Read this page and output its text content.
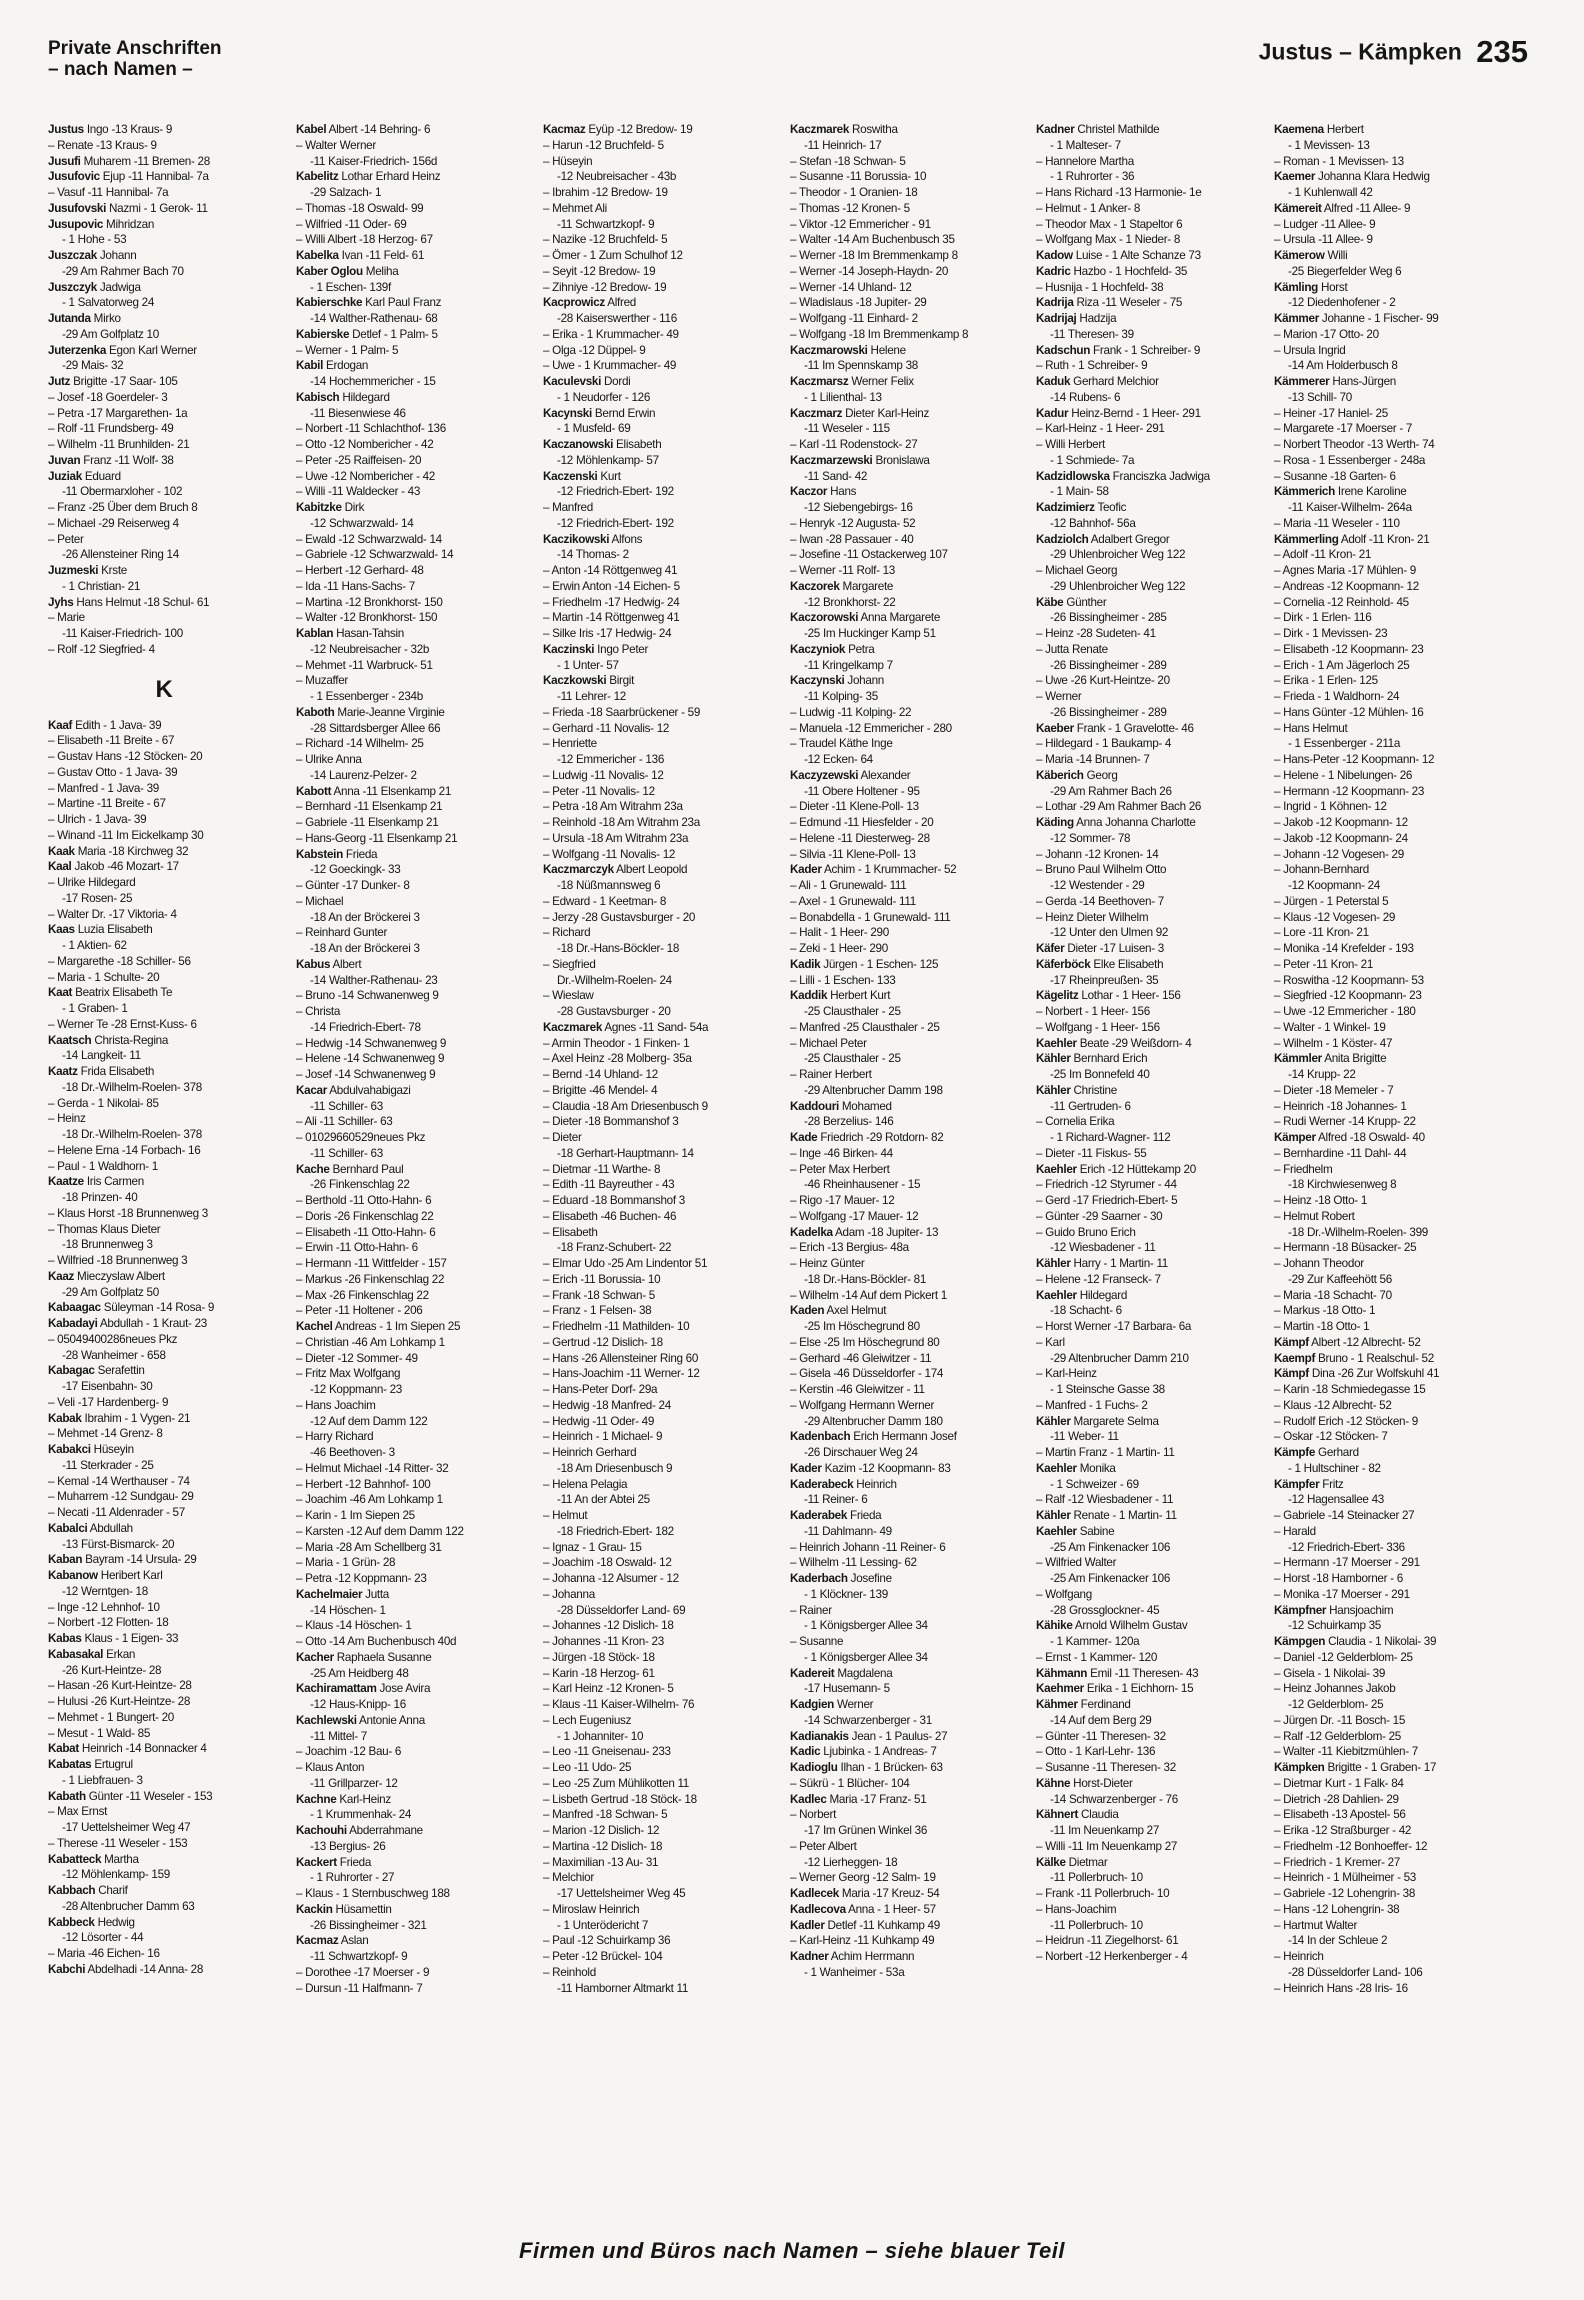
Private Anschriften
– nach Namen –
Justus – Kämpken 235
Justus Ingo -13 Kraus- 9
– Renate -13 Kraus- 9
Jusufi Muharem -11 Bremen- 28
Jusufovic Ejup -11 Hannibal- 7a
– Vasuf -11 Hannibal- 7a
Jusufovski Nazmi - 1 Gerok- 11
Jusupovic Mihridzan
- 1 Hohe - 53
Juszczak Johann
-29 Am Rahmer Bach 70
Juszczyk Jadwiga
- 1 Salvatorweg 24
Jutanda Mirko
-29 Am Golfplatz 10
Juterzenka Egon Karl Werner
-29 Mais- 32
Jutz Brigitte -17 Saar- 105
– Josef -18 Goerdeler- 3
– Petra -17 Margarethen- 1a
– Rolf -11 Frundsberg- 49
– Wilhelm -11 Brunhilden- 21
Juvan Franz -11 Wolf- 38
Juziak Eduard
-11 Obermarxloher - 102
– Franz -25 Über dem Bruch 8
– Michael -29 Reiserweg 4
– Peter
-26 Allensteiner Ring 14
Juzmeski Krste
- 1 Christian- 21
Jyhs Hans Helmut -18 Schul- 61
– Marie
-11 Kaiser-Friedrich- 100
– Rolf -12 Siegfried- 4
K
Kaaf Edith - 1 Java- 39
– Elisabeth -11 Breite - 67
– Gustav Hans -12 Stöcken- 20
– Gustav Otto - 1 Java- 39
– Manfred - 1 Java- 39
– Martine -11 Breite - 67
– Ulrich - 1 Java- 39
– Winand -11 Im Eickelkamp 30
Kaak Maria -18 Kirchweg 32
Kaal Jakob -46 Mozart- 17
– Ulrike Hildegard
-17 Rosen- 25
– Walter Dr. -17 Viktoria- 4
Kaas Luzia Elisabeth
- 1 Aktien- 62
– Margarethe -18 Schiller- 56
– Maria - 1 Schulte- 20
Kaat Beatrix Elisabeth Te
- 1 Graben- 1
– Werner Te -28 Ernst-Kuss- 6
Kaatsch Christa-Regina
-14 Langkeit- 11
Kaatz Frida Elisabeth
-18 Dr.-Wilhelm-Roelen- 378
– Gerda - 1 Nikolai- 85
– Heinz
-18 Dr.-Wilhelm-Roelen- 378
– Helene Erna -14 Forbach- 16
– Paul - 1 Waldhorn- 1
Kaatze Iris Carmen
-18 Prinzen- 40
– Klaus Horst -18 Brunnenweg 3
– Thomas Klaus Dieter
-18 Brunnenweg 3
– Wilfried -18 Brunnenweg 3
Kaaz Mieczyslaw Albert
-29 Am Golfplatz 50
Kabaagac Süleyman -14 Rosa- 9
Kabadayi Abdullah - 1 Kraut- 23
– 05049400286neues Pkz
-28 Wanheimer - 658
Kabagac Serafettin
-17 Eisenbahn- 30
– Veli -17 Hardenberg- 9
Kabak Ibrahim - 1 Vygen- 21
– Mehmet -14 Grenz- 8
Kabakci Hüseyin
-11 Sterkrader - 25
– Kemal -14 Werthauser - 74
– Muharrem -12 Sundgau- 29
– Necati -11 Aldenrader - 57
Kabalci Abdullah
-13 Fürst-Bismarck- 20
Kaban Bayram -14 Ursula- 29
Kabanow Heribert Karl
-12 Werntgen- 18
– Inge -12 Lehnhof- 10
– Norbert -12 Flotten- 18
Kabas Klaus - 1 Eigen- 33
Kabasakal Erkan
-26 Kurt-Heintze- 28
– Hasan -26 Kurt-Heintze- 28
– Hulusi -26 Kurt-Heintze- 28
– Mehmet - 1 Bungert- 20
– Mesut - 1 Wald- 85
Kabat Heinrich -14 Bonnacker 4
Kabatas Ertugrul
- 1 Liebfrauen- 3
Kabath Günter -11 Weseler - 153
– Max Ernst
-17 Uettelsheimer Weg 47
– Therese -11 Weseler - 153
Kabatteck Martha
-12 Möhlenkamp- 159
Kabbach Charif
-28 Altenbrucher Damm 63
Kabbeck Hedwig
-12 Lösorter - 44
– Maria -46 Eichen- 16
Kabchi Abdelhadi -14 Anna- 28
Kabel Albert -14 Behring- 6
– Walter Werner
-11 Kaiser-Friedrich- 156d
Kabelitz Lothar Erhard Heinz
-29 Salzach- 1
– Thomas -18 Oswald- 99
– Wilfried -11 Oder- 69
– Willi Albert -18 Herzog- 67
Kabelka Ivan -11 Feld- 61
Kaber Oglou Meliha
- 1 Eschen- 139f
Kabierschke Karl Paul Franz
-14 Walther-Rathenau- 68
Kabierske Detlef - 1 Palm- 5
– Werner - 1 Palm- 5
Kabil Erdogan
-14 Hochemmericher - 15
Kabisch Hildegard
-11 Biesenwiese 46
– Norbert -11 Schlachthof- 136
– Otto -12 Nombericher - 42
– Peter -25 Raiffeisen- 20
– Uwe -12 Nombericher - 42
– Willi -11 Waldecker - 43
Kabitzke Dirk
-12 Schwarzwald- 14
– Ewald -12 Schwarzwald- 14
– Gabriele -12 Schwarzwald- 14
– Herbert -12 Gerhard- 48
– Ida -11 Hans-Sachs- 7
– Martina -12 Bronkhorst- 150
– Walter -12 Bronkhorst- 150
Kablan Hasan-Tahsin
-12 Neubreisacher - 32b
– Mehmet -11 Warbruck- 51
– Muzaffer
- 1 Essenberger - 234b
Kaboth Marie-Jeanne Virginie
-28 Sittardsberger Allee 66
– Richard -14 Wilhelm- 25
– Ulrike Anna
-14 Laurenz-Pelzer- 2
Kabott Anna -11 Elsenkamp 21
– Bernhard -11 Elsenkamp 21
– Gabriele -11 Elsenkamp 21
– Hans-Georg -11 Elsenkamp 21
Kabstein Frieda
-12 Goeckingk- 33
– Günter -17 Dunker- 8
– Michael
-18 An der Bröckerei 3
– Reinhard Gunter
-18 An der Bröckerei 3
Kabus Albert
-14 Walther-Rathenau- 23
– Bruno -14 Schwanenweg 9
– Christa
-14 Friedrich-Ebert- 78
– Hedwig -14 Schwanenweg 9
– Helene -14 Schwanenweg 9
– Josef -14 Schwanenweg 9
Kacar Abdulvahabigazi
-11 Schiller- 63
– Ali -11 Schiller- 63
– 01029660529neues Pkz
-11 Schiller- 63
Kache Bernhard Paul
-26 Finkenschlag 22
– Berthold -11 Otto-Hahn- 6
– Doris -26 Finkenschlag 22
– Elisabeth -11 Otto-Hahn- 6
– Erwin -11 Otto-Hahn- 6
– Hermann -11 Wittfelder - 157
– Markus -26 Finkenschlag 22
– Max -26 Finkenschlag 22
– Peter -11 Holtener - 206
Kachel Andreas - 1 Im Siepen 25
– Christian -46 Am Lohkamp 1
– Dieter -12 Sommer- 49
– Fritz Max Wolfgang
-12 Koppmann- 23
– Hans Joachim
-12 Auf dem Damm 122
– Harry Richard
-46 Beethoven- 3
– Helmut Michael -14 Ritter- 32
– Herbert -12 Bahnhof- 100
– Joachim -46 Am Lohkamp 1
– Karin - 1 Im Siepen 25
– Karsten -12 Auf dem Damm 122
– Maria -28 Am Schellberg 31
– Maria - 1 Grün- 28
– Petra -12 Koppmann- 23
Kachelmaier Jutta
-14 Höschen- 1
– Klaus -14 Höschen- 1
– Otto -14 Am Buchenbusch 40d
Kacher Raphaela Susanne
-25 Am Heidberg 48
Kachiramattam Jose Avira
-12 Haus-Knipp- 16
Kachlewski Antonie Anna
-11 Mittel- 7
– Joachim -12 Bau- 6
– Klaus Anton
-11 Grillparzer- 12
Kachne Karl-Heinz
- 1 Krummenhak- 24
Kachouhi Abderrahmane
-13 Bergius- 26
Kackert Frieda
- 1 Ruhrorter - 27
– Klaus - 1 Sternbuschweg 188
Kackin Hüsamettin
-26 Bissingheimer - 321
Kacmaz Aslan
-11 Schwartzkopf- 9
– Dorothee -17 Moerser - 9
– Dursun -11 Halfmann- 7
Kacmaz Eyüp -12 Bredow- 19
– Harun -12 Bruchfeld- 5
– Hüseyin
-12 Neubreisacher - 43b
– Ibrahim -12 Bredow- 19
– Mehmet Ali
-11 Schwartzkopf- 9
– Nazike -12 Bruchfeld- 5
– Ömer - 1 Zum Schulhof 12
– Seyit -12 Bredow- 19
– Zihniye -12 Bredow- 19
Kacprowicz Alfred
-28 Kaiserswerther - 116
– Erika - 1 Krummacher- 49
– Olga -12 Düppel- 9
– Uwe - 1 Krummacher- 49
Kaculevski Dordi
- 1 Neudorfer - 126
Kacynski Bernd Erwin
- 1 Musfeld- 69
Kaczanowski Elisabeth
-12 Möhlenkamp- 57
Kaczenski Kurt
-12 Friedrich-Ebert- 192
– Manfred
-12 Friedrich-Ebert- 192
Kaczikowski Alfons
-14 Thomas- 2
– Anton -14 Röttgenweg 41
– Erwin Anton -14 Eichen- 5
– Friedhelm -17 Hedwig- 24
– Martin -14 Röttgenweg 41
– Silke Iris -17 Hedwig- 24
Kaczinski Ingo Peter
- 1 Unter- 57
Kaczkowski Birgit
-11 Lehrer- 12
– Frieda -18 Saarbrückener - 59
– Gerhard -11 Novalis- 12
– Henriette
-12 Emmericher - 136
– Ludwig -11 Novalis- 12
– Peter -11 Novalis- 12
– Petra -18 Am Witrahm 23a
– Reinhold -18 Am Witrahm 23a
– Ursula -18 Am Witrahm 23a
– Wolfgang -11 Novalis- 12
Kaczmarczyk Albert Leopold
-18 Nüßmannsweg 6
– Edward - 1 Keetman- 8
– Jerzy -28 Gustavsburger - 20
– Richard
-18 Dr.-Hans-Böckler- 18
– Siegfried
Dr.-Wilhelm-Roelen- 24
– Wieslaw
-28 Gustavsburger - 20
Kaczmarek Agnes -11 Sand- 54a
– Armin Theodor - 1 Finken- 1
– Axel Heinz -28 Molberg- 35a
– Bernd -14 Uhland- 12
– Brigitte -46 Mendel- 4
– Claudia -18 Am Driesenbusch 9
– Dieter -18 Bommanshof 3
– Dieter
-18 Gerhart-Hauptmann- 14
– Dietmar -11 Warthe- 8
– Edith -11 Bayreuther - 43
– Eduard -18 Bommanshof 3
– Elisabeth -46 Buchen- 46
– Elisabeth
-18 Franz-Schubert- 22
– Elmar Udo -25 Am Lindentor 51
– Erich -11 Borussia- 10
– Frank -18 Schwan- 5
– Franz - 1 Felsen- 38
– Friedhelm -11 Mathilden- 10
– Gertrud -12 Dislich- 18
– Hans -26 Allensteiner Ring 60
– Hans-Joachim -11 Werner- 12
– Hans-Peter Dorf- 29a
– Hedwig -18 Manfred- 24
– Hedwig -11 Oder- 49
– Heinrich - 1 Michael- 9
– Heinrich Gerhard
-18 Am Driesenbusch 9
– Helena Pelagia
-11 An der Abtei 25
– Helmut
-18 Friedrich-Ebert- 182
– Ignaz - 1 Grau- 15
– Joachim -18 Oswald- 12
– Johanna -12 Alsumer - 12
– Johanna
-28 Düsseldorfer Land- 69
– Johannes -12 Dislich- 18
– Johannes -11 Kron- 23
– Jürgen -18 Stöck- 18
– Karin -18 Herzog- 61
– Karl Heinz -12 Kronen- 5
– Klaus -11 Kaiser-Wilhelm- 76
– Lech Eugeniusz
- 1 Johanniter- 10
– Leo -11 Gneisenau- 233
– Leo -11 Udo- 25
– Leo -25 Zum Mühlikotten 11
– Lisbeth Gertrud -18 Stöck- 18
– Manfred -18 Schwan- 5
– Marion -12 Dislich- 12
– Martina -12 Dislich- 18
– Maximilian -13 Au- 31
– Melchior
-17 Uettelsheimer Weg 45
– Miroslaw Heinrich
- 1 Unterödericht 7
– Paul -12 Schuirkamp 36
– Peter -12 Brückel- 104
– Reinhold
-11 Hamborner Altmarkt 11
Kaczmarek Roswitha
-11 Heinrich- 17
– Stefan -18 Schwan- 5
– Susanne -11 Borussia- 10
– Theodor - 1 Oranien- 18
– Thomas -12 Kronen- 5
– Viktor -12 Emmericher - 91
– Walter -14 Am Buchenbusch 35
– Werner -18 Im Bremmenkamp 8
– Werner -14 Joseph-Haydn- 20
– Werner -14 Uhland- 12
– Wladislaus -18 Jupiter- 29
– Wolfgang -11 Einhard- 2
– Wolfgang -18 Im Bremmenkamp 8
Kaczmarowski Helene
-11 Im Spennskamp 38
Kaczmarsz Werner Felix
- 1 Lilienthal- 13
Kaczmarz Dieter Karl-Heinz
-11 Weseler - 115
– Karl -11 Rodenstock- 27
Kaczmarzewski Bronislawa
-11 Sand- 42
Kaczor Hans
-12 Siebengebirgs- 16
– Henryk -12 Augusta- 52
– Iwan -28 Passauer - 40
– Josefine -11 Ostackerweg 107
– Werner -11 Rolf- 13
Kaczorek Margarete
-12 Bronkhorst- 22
Kaczorowski Anna Margarete
-25 Im Huckinger Kamp 51
Kaczyniok Petra
-11 Kringelkamp 7
Kaczynski Johann
-11 Kolping- 35
– Ludwig -11 Kolping- 22
– Manuela -12 Emmericher - 280
– Traudel Käthe Inge
-12 Ecken- 64
Kaczyzewski Alexander
-11 Obere Holtener - 95
– Dieter -11 Klene-Poll- 13
– Edmund -11 Hiesfelder - 20
– Helene -11 Diesterweg- 28
– Silvia -11 Klene-Poll- 13
Kader Achim - 1 Krummacher- 52
– Ali - 1 Grunewald- 111
– Axel - 1 Grunewald- 111
– Bonabdella - 1 Grunewald- 111
– Halit - 1 Heer- 290
– Zeki - 1 Heer- 290
Kadik Jürgen - 1 Eschen- 125
– Lilli - 1 Eschen- 133
Kaddik Herbert Kurt
-25 Clausthaler - 25
– Manfred -25 Clausthaler - 25
– Michael Peter
-25 Clausthaler - 25
– Rainer Herbert
-29 Altenbrucher Damm 198
Kaddouri Mohamed
-28 Berzelius- 146
Kade Friedrich -29 Rotdorn- 82
– Inge -46 Birken- 44
– Peter Max Herbert
-46 Rheinhausener - 15
– Rigo -17 Mauer- 12
– Wolfgang -17 Mauer- 12
Kadelka Adam -18 Jupiter- 13
– Erich -13 Bergius- 48a
– Heinz Günter
-18 Dr.-Hans-Böckler- 81
– Wilhelm -14 Auf dem Pickert 1
Kaden Axel Helmut
-25 Im Höschegrund 80
– Else -25 Im Höschegrund 80
– Gerhard -46 Gleiwitzer - 11
– Gisela -46 Düsseldorfer - 174
– Kerstin -46 Gleiwitzer - 11
– Wolfgang Hermann Werner
-29 Altenbrucher Damm 180
Kadenbach Erich Hermann Josef
-26 Dirschauer Weg 24
Kader Kazim -12 Koopmann- 83
Kaderabeck Heinrich
-11 Reiner- 6
Kaderabek Frieda
-11 Dahlmann- 49
– Heinrich Johann -11 Reiner- 6
– Wilhelm -11 Lessing- 62
Kaderbach Josefine
- 1 Klöckner- 139
– Rainer
- 1 Königsberger Allee 34
– Susanne
- 1 Königsberger Allee 34
Kadereit Magdalena
-17 Husemann- 5
Kadgien Werner
-14 Schwarzenberger - 31
Kadianakis Jean - 1 Paulus- 27
Kadic Ljubinka - 1 Andreas- 7
Kadioglu Ilhan - 1 Brücken- 63
– Sükrü - 1 Blücher- 104
Kadlec Maria -17 Franz- 51
– Norbert
-17 Im Grünen Winkel 36
– Peter Albert
-12 Lierheggen- 18
– Werner Georg -12 Salm- 19
Kadlecek Maria -17 Kreuz- 54
Kadlecova Anna - 1 Heer- 57
Kadler Detlef -11 Kuhkamp 49
– Karl-Heinz -11 Kuhkamp 49
Kadner Achim Herrmann
- 1 Wanheimer - 53a
Kadner Christel Mathilde
- 1 Malteser- 7
– Hannelore Martha
- 1 Ruhrorter - 36
– Hans Richard -13 Harmonie- 1e
– Helmut - 1 Anker- 8
– Theodor Max - 1 Stapeltor 6
– Wolfgang Max - 1 Nieder- 8
Kadow Luise - 1 Alte Schanze 73
Kadric Hazbo - 1 Hochfeld- 35
– Husnija - 1 Hochfeld- 38
Kadrija Riza -11 Weseler - 75
Kadrijaj Hadzija
-11 Theresen- 39
Kadschun Frank - 1 Schreiber- 9
– Ruth - 1 Schreiber- 9
Kaduk Gerhard Melchior
-14 Rubens- 6
Kadur Heinz-Bernd - 1 Heer- 291
– Karl-Heinz - 1 Heer- 291
– Willi Herbert
- 1 Schmiede- 7a
Kadzidlowska Franciszka Jadwiga
- 1 Main- 58
Kadzimierz Teofic
-12 Bahnhof- 56a
Kadziolch Adalbert Gregor
-29 Uhlenbroicher Weg 122
– Michael Georg
-29 Uhlenbroicher Weg 122
Käbe Günther
-26 Bissingheimer - 285
– Heinz -28 Sudeten- 41
– Jutta Renate
-26 Bissingheimer - 289
– Uwe -26 Kurt-Heintze- 20
– Werner
-26 Bissingheimer - 289
Kaeber Frank - 1 Gravelotte- 46
– Hildegard - 1 Baukamp- 4
– Maria -14 Brunnen- 7
Käberich Georg
-29 Am Rahmer Bach 26
– Lothar -29 Am Rahmer Bach 26
Käding Anna Johanna Charlotte
-12 Sommer- 78
– Johann -12 Kronen- 14
– Bruno Paul Wilhelm Otto
-12 Westender - 29
– Gerda -14 Beethoven- 7
– Heinz Dieter Wilhelm
-12 Unter den Ulmen 92
Käfer Dieter -17 Luisen- 3
Käferböck Elke Elisabeth
-17 Rheinpreußen- 35
Kägelitz Lothar - 1 Heer- 156
– Norbert - 1 Heer- 156
– Wolfgang - 1 Heer- 156
Kaehler Beate -29 Weißdorn- 4
Kähler Bernhard Erich
-25 Im Bonnefeld 40
Kähler Christine
-11 Gertruden- 6
– Cornelia Erika
- 1 Richard-Wagner- 112
– Dieter -11 Fiskus- 55
Kaehler Erich -12 Hüttekamp 20
– Friedrich -12 Styrumer - 44
– Gerd -17 Friedrich-Ebert- 5
– Günter -29 Saarner - 30
– Guido Bruno Erich
-12 Wiesbadener - 11
Kähler Harry - 1 Martin- 11
– Helene -12 Franseck- 7
Kaehler Hildegard
-18 Schacht- 6
– Horst Werner -17 Barbara- 6a
– Karl
-29 Altenbrucher Damm 210
– Karl-Heinz
- 1 Steinsche Gasse 38
– Manfred - 1 Fuchs- 2
Kähler Margarete Selma
-11 Weber- 11
– Martin Franz - 1 Martin- 11
Kaehler Monika
- 1 Schweizer - 69
– Ralf -12 Wiesbadener - 11
Kähler Renate - 1 Martin- 11
Kaehler Sabine
-25 Am Finkenacker 106
– Wilfried Walter
-25 Am Finkenacker 106
– Wolfgang
-28 Grossglockner- 45
Kähike Arnold Wilhelm Gustav
- 1 Kammer- 120a
– Ernst - 1 Kammer- 120
Kähmann Emil -11 Theresen- 43
Kaehmer Erika - 1 Eichhorn- 15
Kähmer Ferdinand
-14 Auf dem Berg 29
– Günter -11 Theresen- 32
– Otto - 1 Karl-Lehr- 136
– Susanne -11 Theresen- 32
Kähne Horst-Dieter
-14 Schwarzenberger - 76
Kähnert Claudia
-11 Im Neuenkamp 27
– Willi -11 Im Neuenkamp 27
Kälke Dietmar
-11 Pollerbruch- 10
– Frank -11 Pollerbruch- 10
– Hans-Joachim
-11 Pollerbruch- 10
– Heidrun -11 Ziegelhorst- 61
– Norbert -12 Herkenberger - 4
Kaemena Herbert
- 1 Mevissen- 13
– Roman - 1 Mevissen- 13
Kaemer Johanna Klara Hedwig
- 1 Kuhlenwall 42
Kämereit Alfred -11 Allee- 9
– Ludger -11 Allee- 9
– Ursula -11 Allee- 9
Kämerow Willi
-25 Biegerfelder Weg 6
Kämling Horst
-12 Diedenhofener - 2
Kämmer Johanne - 1 Fischer- 99
– Marion -17 Otto- 20
– Ursula Ingrid
-14 Am Holderbusch 8
Kämmerer Hans-Jürgen
-13 Schill- 70
– Heiner -17 Haniel- 25
– Margarete -17 Moerser - 7
– Norbert Theodor -13 Werth- 74
– Rosa - 1 Essenberger - 248a
– Susanne -18 Garten- 6
Kämmerich Irene Karoline
-11 Kaiser-Wilhelm- 264a
– Maria -11 Weseler - 110
Kämmerling Adolf -11 Kron- 21
– Adolf -11 Kron- 21
– Agnes Maria -17 Mühlen- 9
– Andreas -12 Koopmann- 12
– Cornelia -12 Reinhold- 45
– Dirk - 1 Erlen- 116
– Dirk - 1 Mevissen- 23
– Elisabeth -12 Koopmann- 23
– Erich - 1 Am Jägerloch 25
– Erika - 1 Erlen- 125
– Frieda - 1 Waldhorn- 24
– Hans Günter -12 Mühlen- 16
– Hans Helmut
- 1 Essenberger - 211a
– Hans-Peter -12 Koopmann- 12
– Helene - 1 Nibelungen- 26
– Hermann -12 Koopmann- 23
– Ingrid - 1 Köhnen- 12
– Jakob -12 Koopmann- 12
– Jakob -12 Koopmann- 24
– Johann -12 Vogesen- 29
– Johann-Bernhard
-12 Koopmann- 24
– Jürgen - 1 Peterstal 5
– Klaus -12 Vogesen- 29
– Lore -11 Kron- 21
– Monika -14 Krefelder - 193
– Peter -11 Kron- 21
– Roswitha -12 Koopmann- 53
– Siegfried -12 Koopmann- 23
– Uwe -12 Emmericher - 180
– Walter - 1 Winkel- 19
– Wilhelm - 1 Köster- 47
Kämmler Anita Brigitte
-14 Krupp- 22
– Dieter -18 Memeler - 7
– Heinrich -18 Johannes- 1
– Rudi Werner -14 Krupp- 22
Kämper Alfred -18 Oswald- 40
– Bernhardine -11 Dahl- 44
– Friedhelm
-18 Kirchwiesenweg 8
– Heinz -18 Otto- 1
– Helmut Robert
-18 Dr.-Wilhelm-Roelen- 399
– Hermann -18 Büsacker- 25
– Johann Theodor
-29 Zur Kaffeehött 56
– Maria -18 Schacht- 70
– Markus -18 Otto- 1
– Martin -18 Otto- 1
Kämpf Albert -12 Albrecht- 52
Kaempf Bruno - 1 Realschul- 52
Kämpf Dina -26 Zur Wolfskuhl 41
– Karin -18 Schmiedegasse 15
– Klaus -12 Albrecht- 52
– Rudolf Erich -12 Stöcken- 9
– Oskar -12 Stöcken- 7
Kämpfe Gerhard
- 1 Hultschiner - 82
Kämpfer Fritz
-12 Hagensallee 43
– Gabriele -14 Steinacker 27
– Harald
-12 Friedrich-Ebert- 336
– Hermann -17 Moerser - 291
– Horst -18 Hamborner - 6
– Monika -17 Moerser - 291
Kämpfner Hansjoachim
-12 Schuirkamp 35
Kämpgen Claudia - 1 Nikolai- 39
– Daniel -12 Gelderblom- 25
– Gisela - 1 Nikolai- 39
– Heinz Johannes Jakob
-12 Gelderblom- 25
– Jürgen Dr. -11 Bosch- 15
– Ralf -12 Gelderblom- 25
– Walter -11 Kiebitzmühlen- 7
Kämpken Brigitte - 1 Graben- 17
– Dietmar Kurt - 1 Falk- 84
– Dietrich -28 Dahlien- 29
– Elisabeth -13 Apostel- 56
– Erika -12 Straßburger - 42
– Friedhelm -12 Bonhoeffer- 12
– Friedrich - 1 Kremer- 27
– Heinrich - 1 Mülheimer - 53
– Gabriele -12 Lohengrin- 38
– Hans -12 Lohengrin- 38
– Hartmut Walter
-14 In der Schleue 2
– Heinrich
-28 Düsseldorfer Land- 106
– Heinrich Hans -28 Iris- 16
Firmen und Büros nach Namen – siehe blauer Teil
